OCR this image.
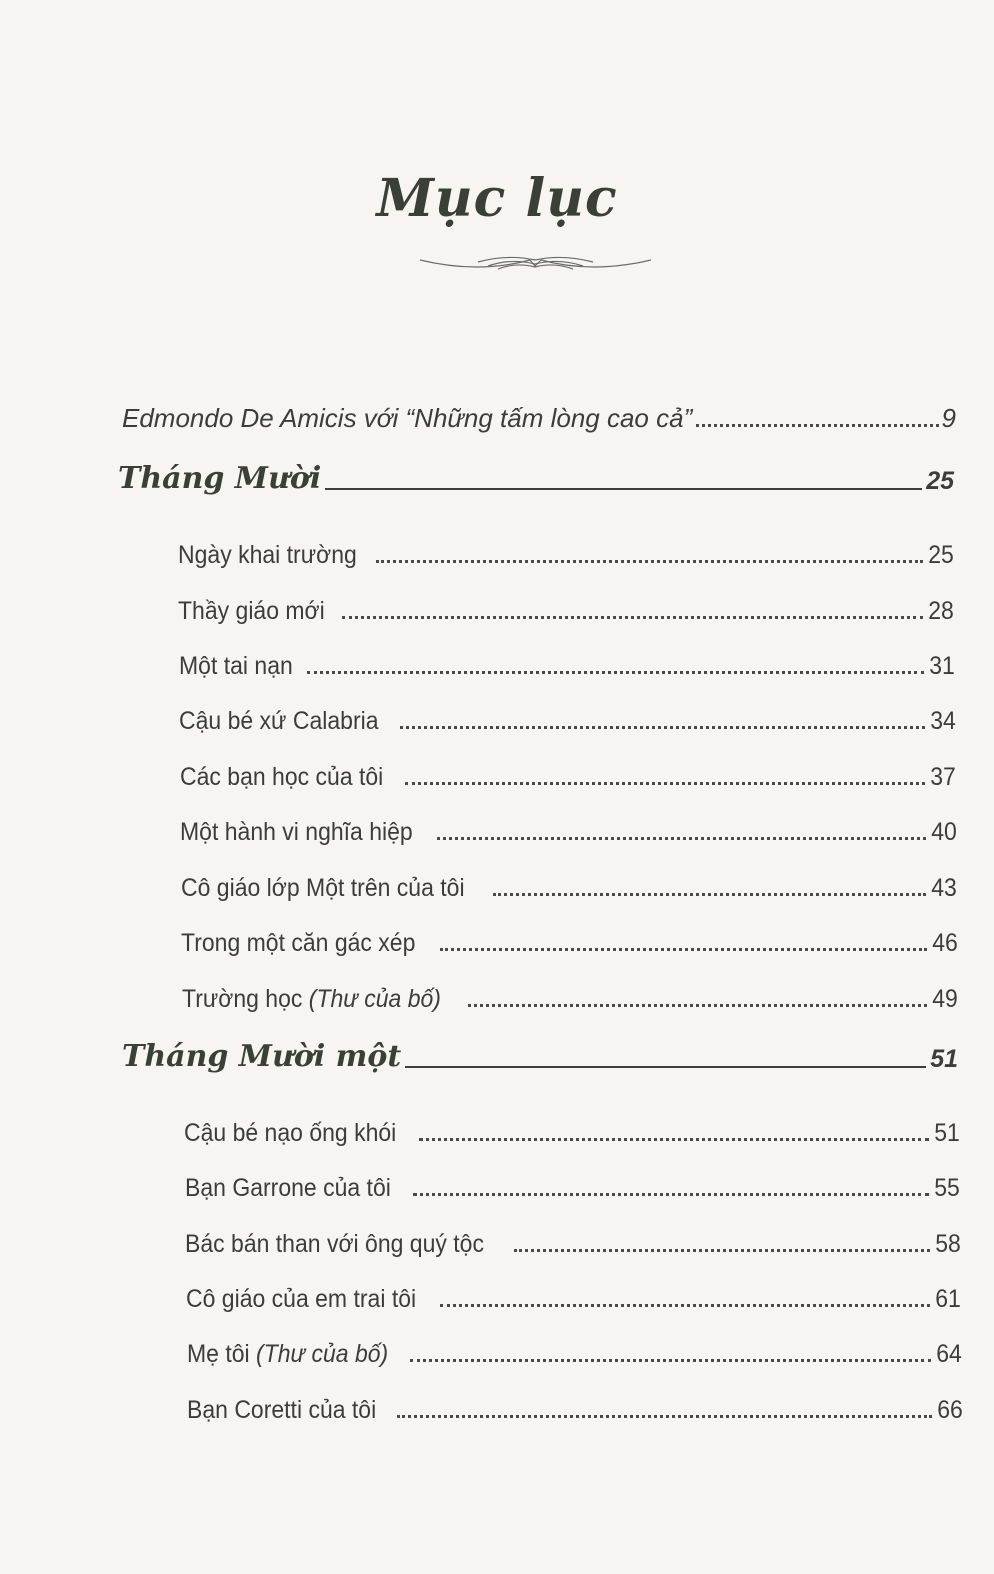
Mục lục
Edmondo De Amicis với “Những tấm lòng cao cả”	9
Tháng Mười	25
Ngày khai trường	25
Thầy giáo mới	28
Một tai nạn	31
Cậu bé xứ Calabria	34
Các bạn học của tôi	37
Một hành vi nghĩa hiệp	40
Cô giáo lớp Một trên của tôi	43
Trong một căn gác xép	46
Trường học (Thư của bố)	49
Tháng Mười một	51
Cậu bé nạo ống khói	51
Bạn Garrone của tôi	55
Bác bán than với ông quý tộc	58
Cô giáo của em trai tôi	61
Mẹ tôi (Thư của bố)	64
Bạn Coretti của tôi	66
